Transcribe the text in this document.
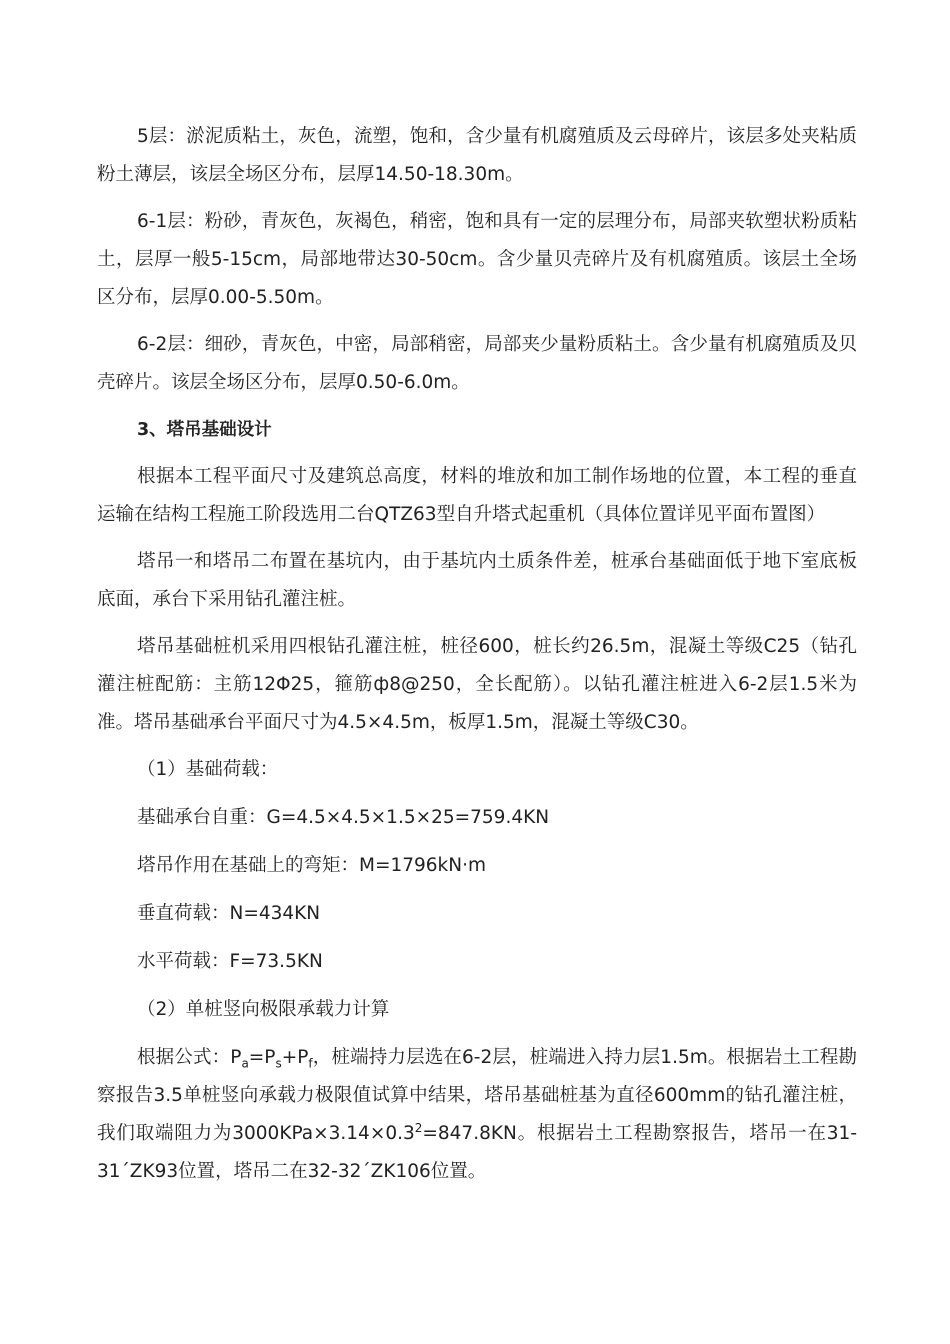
5层：淤泥质粘土，灰色，流塑，饱和，含少量有机腐殖质及云母碎片，该层多处夹粘质粉土薄层，该层全场区分布，层厚14.50-18.30m。

6-1层：粉砂，青灰色，灰褐色，稍密，饱和具有一定的层理分布，局部夹软塑状粉质粘土，层厚一般5-15cm，局部地带达30-50cm。含少量贝壳碎片及有机腐殖质。该层土全场区分布，层厚0.00-5.50m。

6-2层：细砂，青灰色，中密，局部稍密，局部夹少量粉质粘土。含少量有机腐殖质及贝壳碎片。该层全场区分布，层厚0.50-6.0m。

3、塔吊基础设计

根据本工程平面尺寸及建筑总高度，材料的堆放和加工制作场地的位置，本工程的垂直运输在结构工程施工阶段选用二台QTZ63型自升塔式起重机（具体位置详见平面布置图）

塔吊一和塔吊二布置在基坑内，由于基坑内土质条件差，桩承台基础面低于地下室底板底面，承台下采用钻孔灌注桩。

塔吊基础桩机采用四根钻孔灌注桩，桩径600，桩长约26.5m，混凝土等级C25（钻孔灌注桩配筋：主筋12Φ25，箍筋ф8@250，全长配筋）。以钻孔灌注桩进入6-2层1.5米为准。塔吊基础承台平面尺寸为4.5×4.5m，板厚1.5m，混凝土等级C30。

（1）基础荷载：

基础承台自重：G=4.5×4.5×1.5×25=759.4KN

塔吊作用在基础上的弯矩：M=1796kN·m

垂直荷载：N=434KN

水平荷载：F=73.5KN

（2）单桩竖向极限承载力计算

根据公式：$P_a=P_s+P_f$，桩端持力层选在6-2层，桩端进入持力层1.5m。根据岩土工程勘察报告3.5单桩竖向承载力极限值试算中结果，塔吊基础桩基为直径600mm的钻孔灌注桩，我们取端阻力为$3000KPa\times 3.14\times 0.3^2=847.8KN$。根据岩土工程勘察报告，塔吊一在31-31΄ZK93位置，塔吊二在32-32΄ZK106位置。
